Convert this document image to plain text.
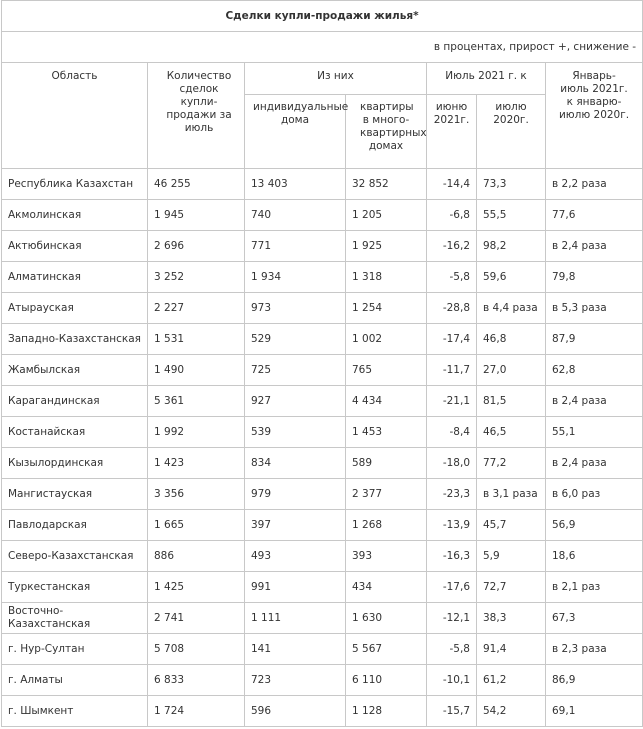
Сделки купли-продажи жилья*						
в процентах, прирост +, снижение -						
Область	Количество сделок купли-продажи за июль	Из них		Июль 2021 г. к		Январь- июль 2021г. к январю-июлю 2020г.
		индивидуальные дома	квартиры в много-квартирных домах	июню 2021г.	июлю 2020г.	
Республика Казахстан	46 255	13 403	32 852	-14,4	73,3	в 2,2 раза
Акмолинская	1 945	740	1 205	-6,8	55,5	77,6
Актюбинская	2 696	771	1 925	-16,2	98,2	в 2,4 раза
Алматинская	3 252	1 934	1 318	-5,8	59,6	79,8
Атырауская	2 227	973	1 254	-28,8	в 4,4 раза	в 5,3 раза
Западно-Казахстанская	1 531	529	1 002	-17,4	46,8	87,9
Жамбылская	1 490	725	765	-11,7	27,0	62,8
Карагандинская	5 361	927	4 434	-21,1	81,5	в 2,4 раза
Костанайская	1 992	539	1 453	-8,4	46,5	55,1
Кызылординская	1 423	834	589	-18,0	77,2	в 2,4 раза
Мангистауская	3 356	979	2 377	-23,3	в 3,1 раза	в 6,0 раз
Павлодарская	1 665	397	1 268	-13,9	45,7	56,9
Северо-Казахстанская	886	493	393	-16,3	5,9	18,6
Туркестанская	1 425	991	434	-17,6	72,7	в 2,1 раз
Восточно-Казахстанская	2 741	1 111	1 630	-12,1	38,3	67,3
г. Нур-Султан	5 708	141	5 567	-5,8	91,4	в 2,3 раза
г. Алматы	6 833	723	6 110	-10,1	61,2	86,9
г. Шымкент	1 724	596	1 128	-15,7	54,2	69,1
